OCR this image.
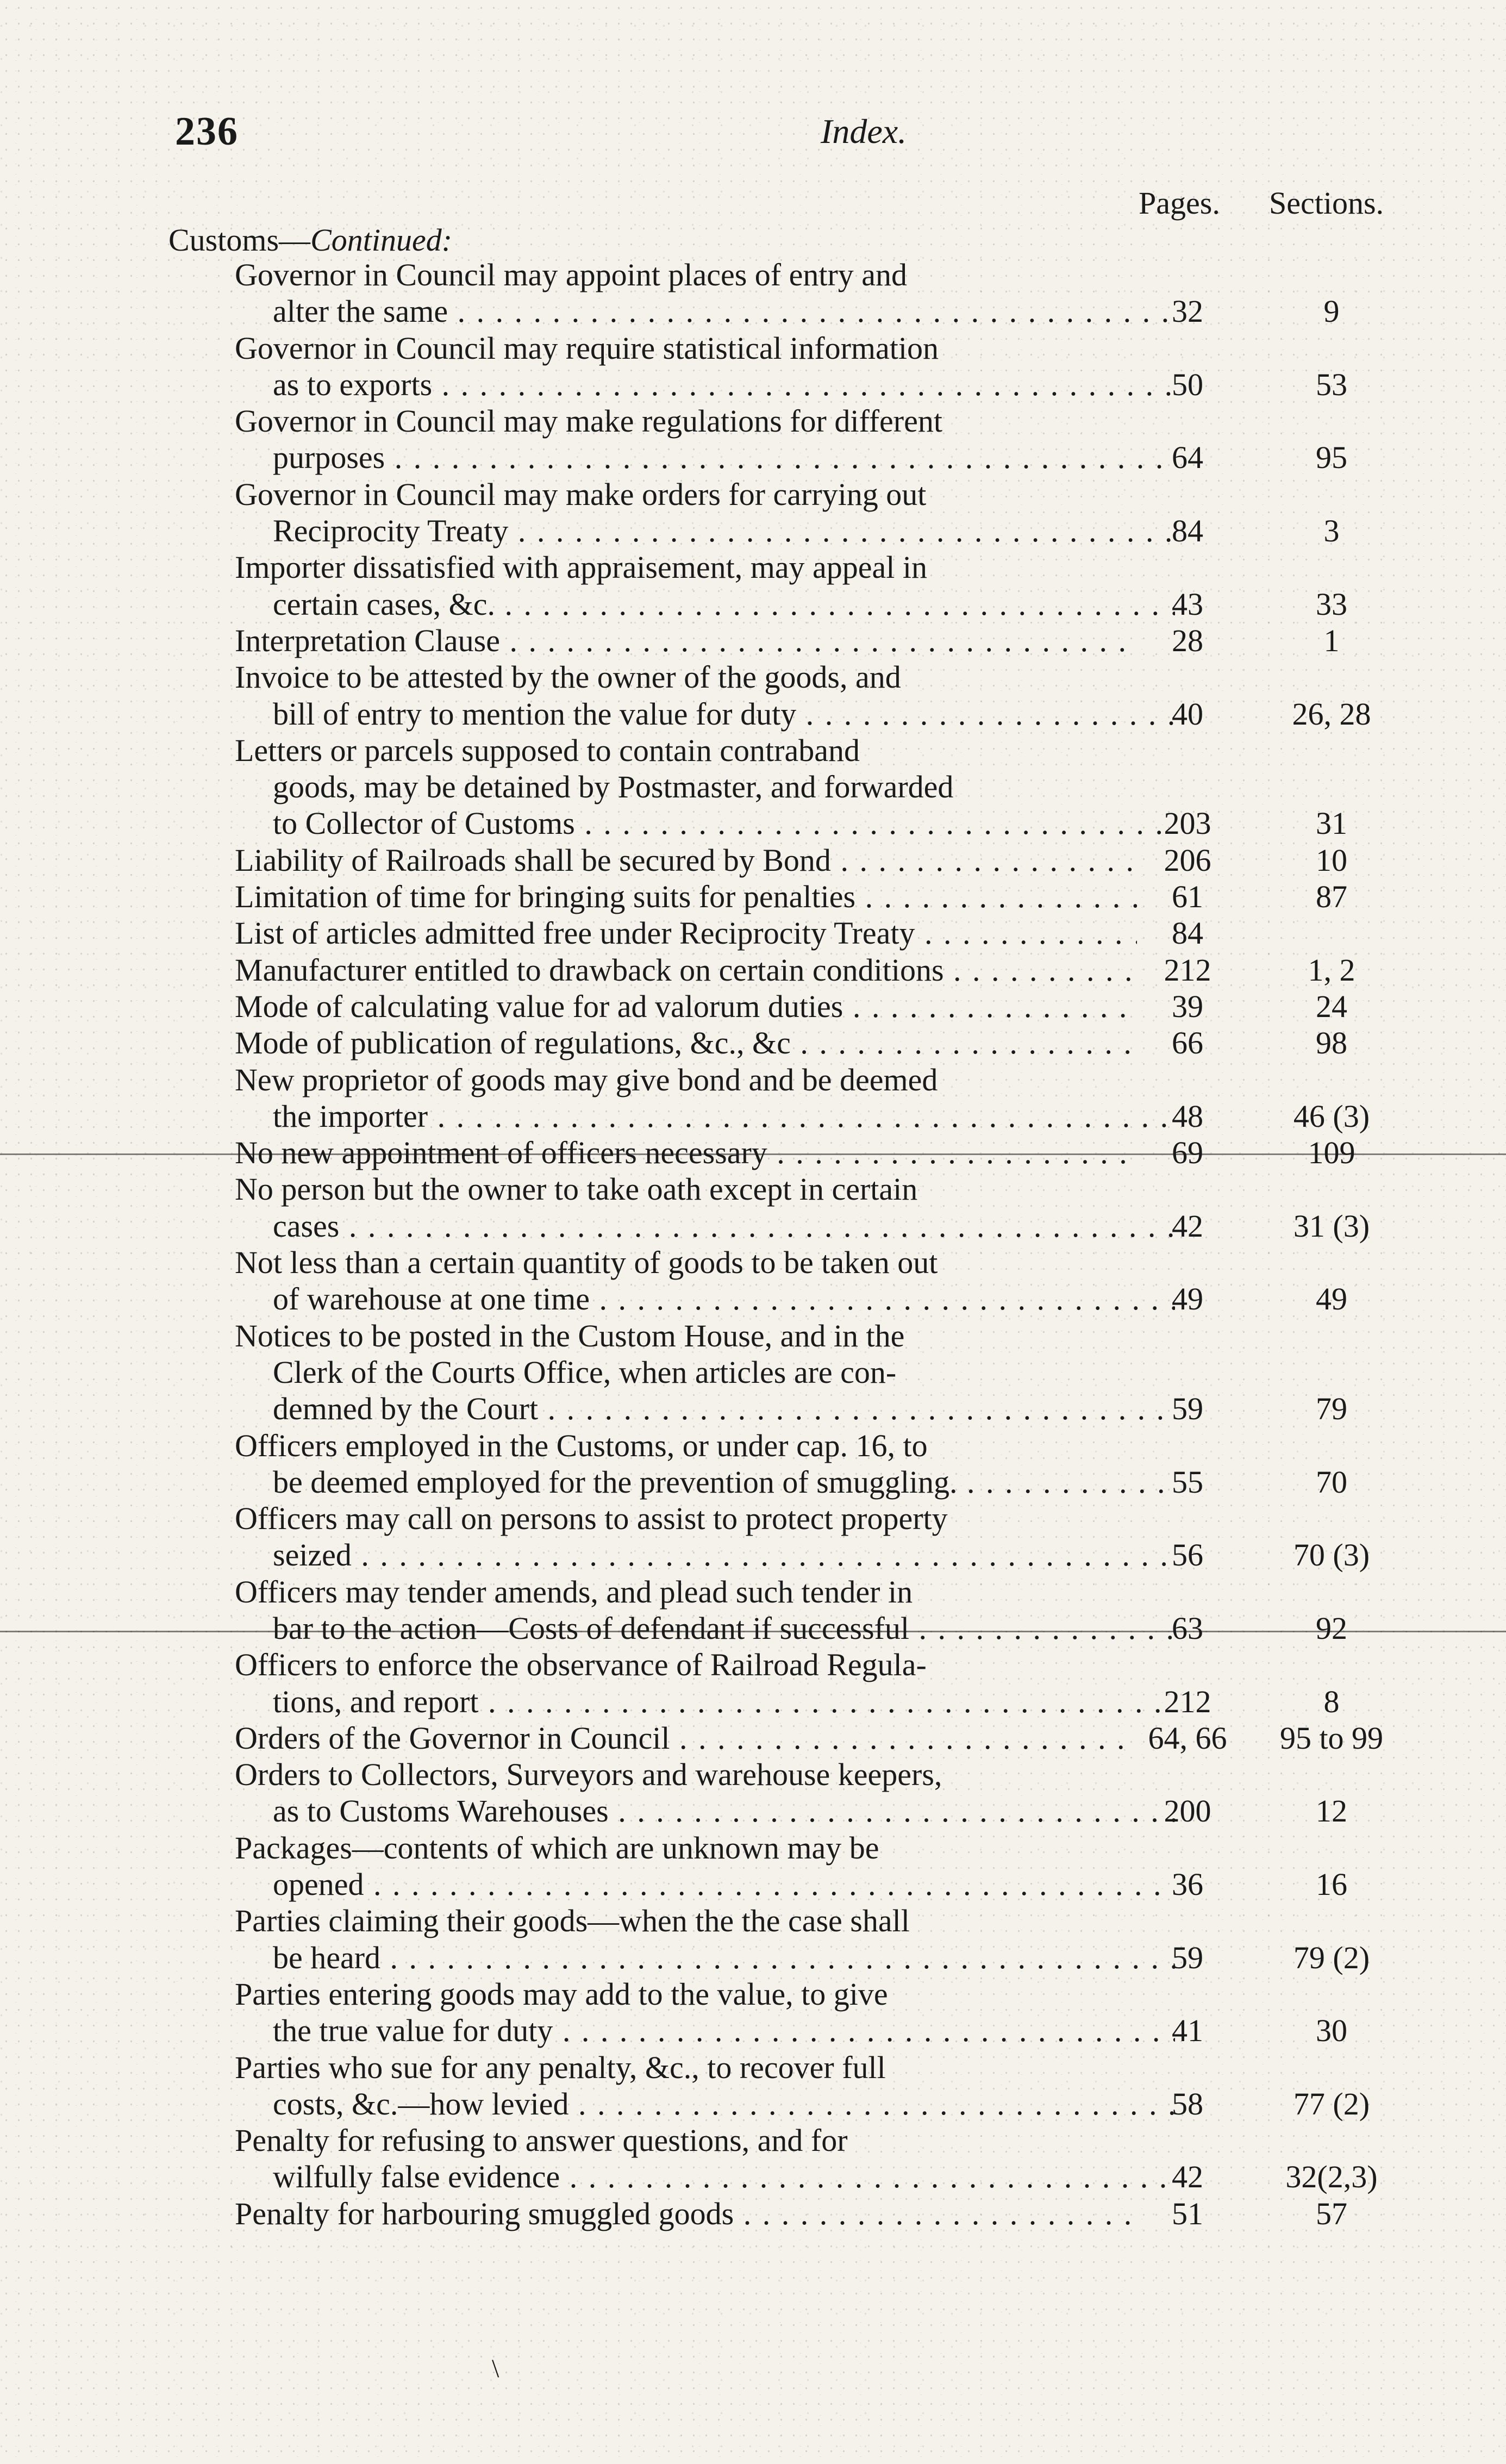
236	Index.
Pages. Sections.
Customs—Continued:
Governor in Council may appoint places of entry and
alter the same . . .	32	9
Governor in Council may require statistical information
as to exports . . .	50	53
Governor in Council may make regulations for different
purposes . . .	64	95
Governor in Council may make orders for carrying out
Reciprocity Treaty . . .	84	3
Importer dissatisfied with appraisement, may appeal in
certain cases, &c. . . .	43	33
Interpretation Clause . . .	28	1
Invoice to be attested by the owner of the goods, and
bill of entry to mention the value for duty . . .	40	26, 28
Letters or parcels supposed to contain contraband
goods, may be detained by Postmaster, and forwarded
to Collector of Customs . . .	203	31
Liability of Railroads shall be secured by Bond . . .	206	10
Limitation of time for bringing suits for penalties . . .	61	87
List of articles admitted free under Reciprocity Treaty . . .	84
Manufacturer entitled to drawback on certain conditions . . .	212	1, 2
Mode of calculating value for ad valorum duties . . .	39	24
Mode of publication of regulations, &c., &c . . .	66	98
New proprietor of goods may give bond and be deemed
the importer . . .	48	46 (3)
No new appointment of officers necessary . . .	69	109
No person but the owner to take oath except in certain
cases . . .	42	31 (3)
Not less than a certain quantity of goods to be taken out
of warehouse at one time . . .	49	49
Notices to be posted in the Custom House, and in the
Clerk of the Courts Office, when articles are con-
demned by the Court . . .	59	79
Officers employed in the Customs, or under cap. 16, to
be deemed employed for the prevention of smuggling. . . .	55	70
Officers may call on persons to assist to protect property
seized . . .	56	70 (3)
Officers may tender amends, and plead such tender in
bar to the action—Costs of defendant if successful . . .	63	92
Officers to enforce the observance of Railroad Regula-
tions, and report . . .	212	8
Orders of the Governor in Council . . .	64, 66	95 to 99
Orders to Collectors, Surveyors and warehouse keepers,
as to Customs Warehouses . . .	200	12
Packages—contents of which are unknown may be
opened . . .	36	16
Parties claiming their goods—when the the case shall
be heard . . .	59	79 (2)
Parties entering goods may add to the value, to give
the true value for duty . . .	41	30
Parties who sue for any penalty, &c., to recover full
costs, &c.—how levied . . .	58	77 (2)
Penalty for refusing to answer questions, and for
wilfully false evidence . . .	42	32(2,3)
Penalty for harbouring smuggled goods . . .	51	57
\
